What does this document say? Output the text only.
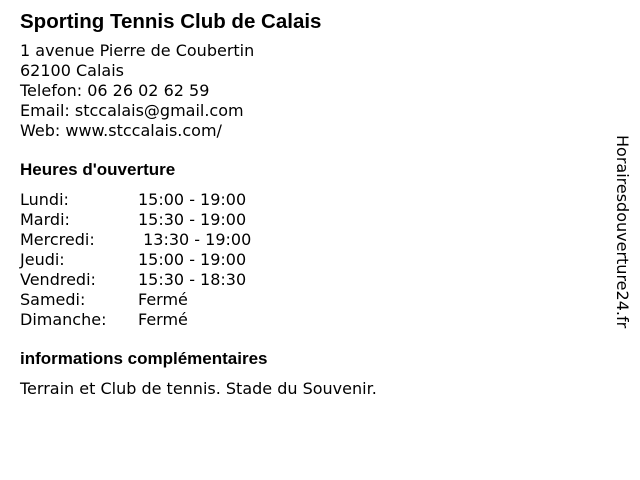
Sporting Tennis Club de Calais
1 avenue Pierre de Coubertin
62100 Calais
Telefon: 06 26 02 62 59
Email: stccalais@gmail.com
Web: www.stccalais.com/
Heures d'ouverture
Lundi:	15:00 - 19:00
Mardi:	15:30 - 19:00
Mercredi:	13:30 - 19:00
Jeudi:	15:00 - 19:00
Vendredi:	15:30 - 18:30
Samedi:	Fermé
Dimanche:	Fermé
informations complémentaires
Terrain et Club de tennis. Stade du Souvenir.
Horairesdouverture24.fr
